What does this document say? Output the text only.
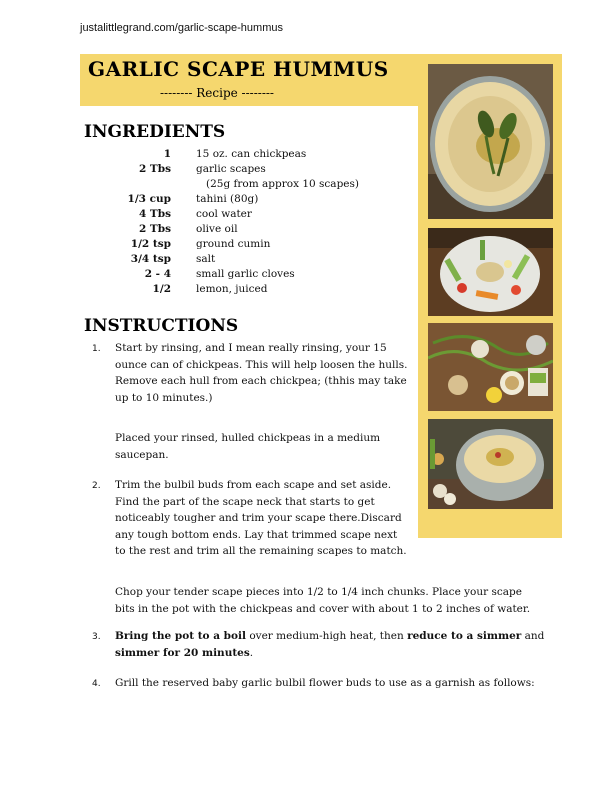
justalittlegrand.com/garlic-scape-hummus
GARLIC SCAPE HUMMUS
-------- Recipe --------
INGREDIENTS
1 15 oz. can chickpeas
2 Tbs garlic scapes
(25g from approx 10 scapes)
1/3 cup tahini (80g)
4 Tbs cool water
2 Tbs olive oil
1/2 tsp ground cumin
3/4 tsp salt
2 - 4 small garlic cloves
1/2 lemon, juiced
INSTRUCTIONS
1. Start by rinsing, and I mean really rinsing, your 15
ounce can of chickpeas. This will help loosen the hulls.
Remove each hull from each chickpea; (thhis may take
up to 10 minutes.)
Placed your rinsed, hulled chickpeas in a medium
saucepan.
2. Trim the bulbil buds from each scape and set aside.
Find the part of the scape neck that starts to get
noticeably tougher and trim your scape there.Discard
any tough bottom ends. Lay that trimmed scape next
to the rest and trim all the remaining scapes to match.
Chop your tender scape pieces into 1/2 to 1/4 inch chunks. Place your scape
bits in the pot with the chickpeas and cover with about 1 to 2 inches of water.
3. Bring the pot to a boil over medium-high heat, then reduce to a simmer and
simmer for 20 minutes.
4. Grill the reserved baby garlic bulbil flower buds to use as a garnish as follows:
